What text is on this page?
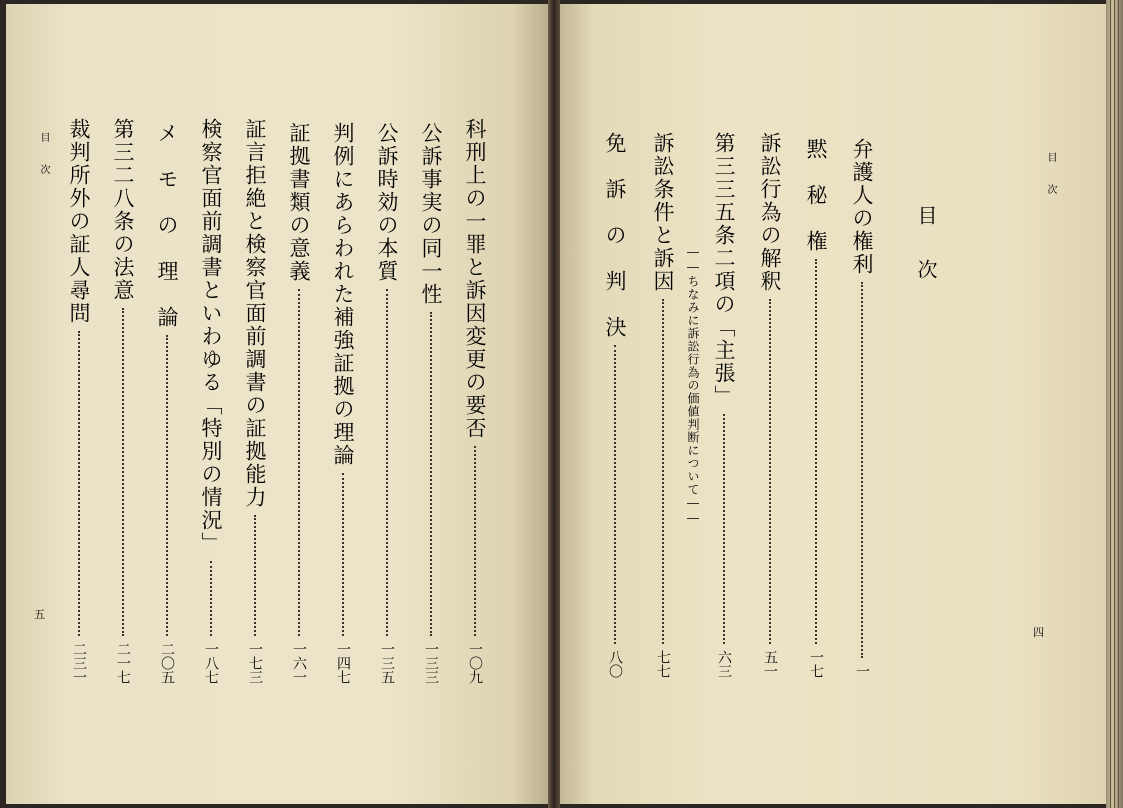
目次
目次
四
弁護人の権利
一
黙　秘　権
一七
訴訟行為の解釈
五一
第三三五条二項の「主張」
六三
――ちなみに訴訟行為の価値判断について――
訴訟条件と訴因
七七
免　訴　の　判　決
八〇
目次
五
科刑上の一罪と訴因変更の要否
一〇九
公訴事実の同一性
一三三
公訴時効の本質
一三五
判例にあらわれた補強証拠の理論
一四七
証拠書類の意義
一六一
証言拒絶と検察官面前調書の証拠能力
一七三
検察官面前調書といわゆる「特別の情況」
一八七
メ　モ　の　理　論
二〇五
第三二八条の法意
二一七
裁判所外の証人尋問
二三一
